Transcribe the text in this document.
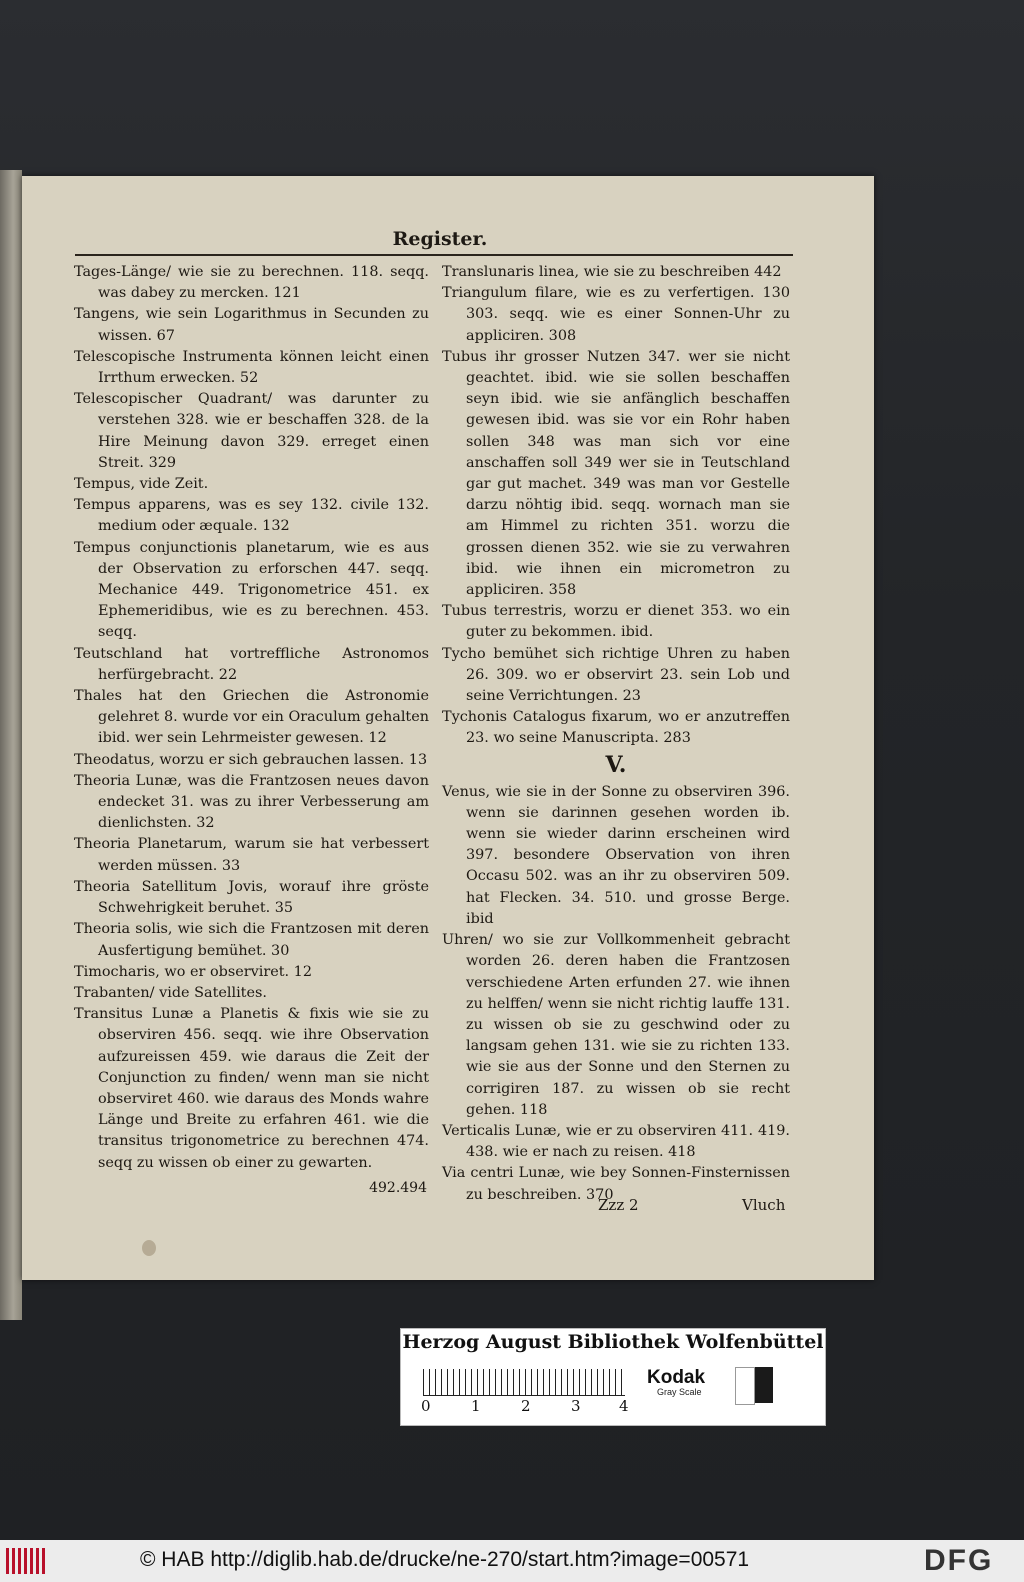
Register.

Tages-Länge/ wie sie zu berechnen. 118. seqq. was dabey zu mercken. 121

Tangens, wie sein Logarithmus in Secunden zu wissen. 67

Telescopische Instrumenta können leicht einen Irrthum erwecken. 52

Telescopischer Quadrant/ was darunter zu verstehen 328. wie er beschaffen 328. de la Hire Meinung davon 329. erreget einen Streit. 329

Tempus, vide Zeit.

Tempus apparens, was es sey 132. civile 132. medium oder æquale. 132

Tempus conjunctionis planetarum, wie es aus der Observation zu erforschen 447. seqq. Mechanice 449. Trigonometrice 451. ex Ephemeridibus, wie es zu berechnen. 453. seqq.

Teutschland hat vortreffliche Astronomos herfürgebracht. 22

Thales hat den Griechen die Astronomie gelehret 8. wurde vor ein Oraculum gehalten ibid. wer sein Lehrmeister gewesen. 12

Theodatus, worzu er sich gebrauchen lassen. 13

Theoria Lunæ, was die Frantzosen neues davon endecket 31. was zu ihrer Verbesserung am dienlichsten. 32

Theoria Planetarum, warum sie hat verbessert werden müssen. 33

Theoria Satellitum Jovis, worauf ihre gröste Schwehrigkeit beruhet. 35

Theoria solis, wie sich die Frantzosen mit deren Ausfertigung bemühet. 30

Timocharis, wo er observiret. 12

Trabanten/ vide Satellites.

Transitus Lunæ a Planetis & fixis wie sie zu observiren 456. seqq. wie ihre Observation aufzureissen 459. wie daraus die Zeit der Conjunction zu finden/ wenn man sie nicht observiret 460. wie daraus des Monds wahre Länge und Breite zu erfahren 461. wie die transitus trigonometrice zu berechnen 474. seqq zu wissen ob einer zu gewarten.

492.494

Translunaris linea, wie sie zu beschreiben 442

Triangulum filare, wie es zu verfertigen. 130 303. seqq. wie es einer Sonnen-Uhr zu appliciren. 308

Tubus ihr grosser Nutzen 347. wer sie nicht geachtet. ibid. wie sie sollen beschaffen seyn ibid. wie sie anfänglich beschaffen gewesen ibid. was sie vor ein Rohr haben sollen 348 was man sich vor eine anschaffen soll 349 wer sie in Teutschland gar gut machet. 349 was man vor Gestelle darzu nöhtig ibid. seqq. wornach man sie am Himmel zu richten 351. worzu die grossen dienen 352. wie sie zu verwahren ibid. wie ihnen ein micrometron zu appliciren. 358

Tubus terrestris, worzu er dienet 353. wo ein guter zu bekommen. ibid.

Tycho bemühet sich richtige Uhren zu haben 26. 309. wo er observirt 23. sein Lob und seine Verrichtungen. 23

Tychonis Catalogus fixarum, wo er anzutreffen 23. wo seine Manuscripta. 283

V.

Venus, wie sie in der Sonne zu observiren 396. wenn sie darinnen gesehen worden ib. wenn sie wieder darinn erscheinen wird 397. besondere Observation von ihren Occasu 502. was an ihr zu observiren 509. hat Flecken. 34. 510. und grosse Berge. ibid

Uhren/ wo sie zur Vollkommenheit gebracht worden 26. deren haben die Frantzosen verschiedene Arten erfunden 27. wie ihnen zu helffen/ wenn sie nicht richtig lauffe 131. zu wissen ob sie zu geschwind oder zu langsam gehen 131. wie sie zu richten 133. wie sie aus der Sonne und den Sternen zu corrigiren 187. zu wissen ob sie recht gehen. 118

Verticalis Lunæ, wie er zu observiren 411. 419. 438. wie er nach zu reisen. 418

Via centri Lunæ, wie bey Sonnen-Finsternissen zu beschreiben. 370

Zzz 2	Vluch
Herzog August Bibliothek Wolfenbüttel
0	1	2	3	4
Kodak
Gray Scale
© HAB http://diglib.hab.de/drucke/ne-270/start.htm?image=00571	DFG
